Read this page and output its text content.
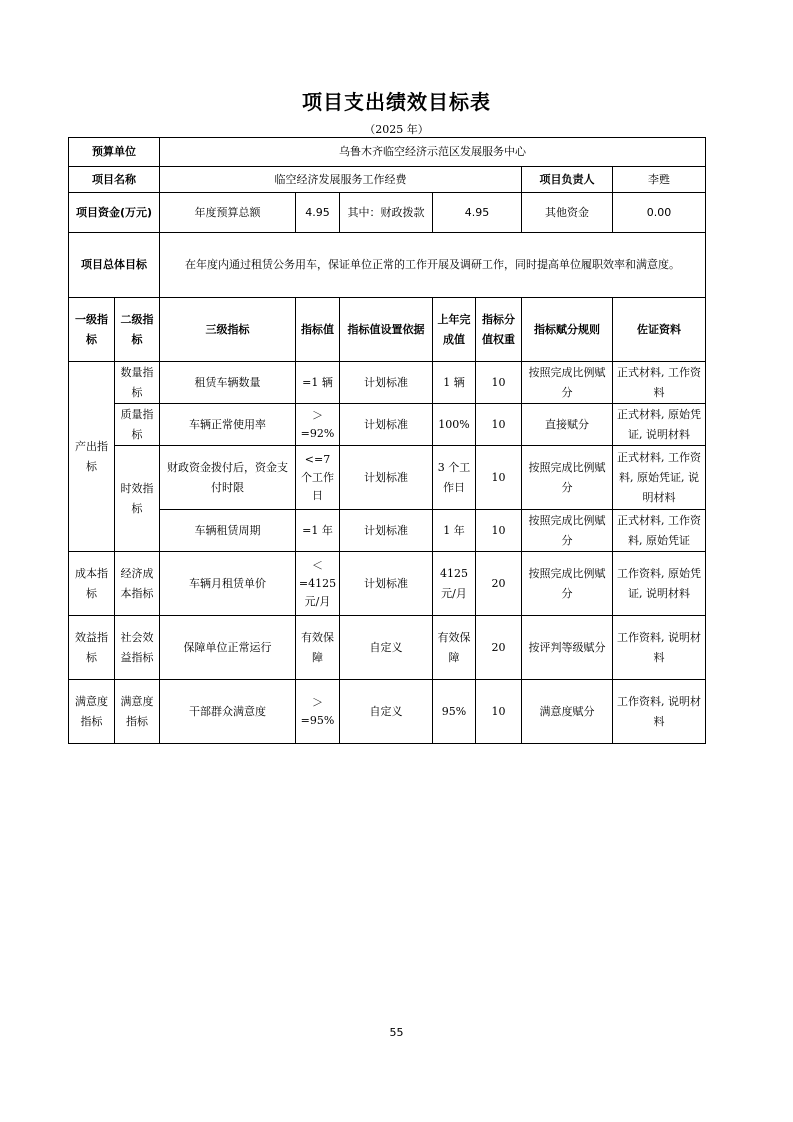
项目支出绩效目标表
（2025 年）
预算单位		乌鲁木齐临空经济示范区发展服务中心						
项目名称		临空经济发展服务工作经费					项目负责人	李甦
项目资金(万元)		年度预算总额	4.95	其中：财政拨款	4.95		其他资金	0.00
项目总体目标		在年度内通过租赁公务用车，保证单位正常的工作开展及调研工作，同时提高单位履职效率和满意度。						
一级指标	二级指标	三级指标	指标值	指标值设置依据	上年完成值	指标分值权重	指标赋分规则	佐证资料
产出指标	数量指标	租赁车辆数量	=1 辆	计划标准	1 辆	10	按照完成比例赋分	正式材料, 工作资料
	质量指标	车辆正常使用率	＞=92%	计划标准	100%	10	直接赋分	正式材料, 原始凭证, 说明材料
	时效指标	财政资金拨付后，资金支付时限	<=7 个工作日	计划标准	3 个工作日	10	按照完成比例赋分	正式材料, 工作资料, 原始凭证, 说明材料
		车辆租赁周期	=1 年	计划标准	1 年	10	按照完成比例赋分	正式材料, 工作资料, 原始凭证
成本指标	经济成本指标	车辆月租赁单价	＜=4125 元/月	计划标准	4125 元/月	20	按照完成比例赋分	工作资料, 原始凭证, 说明材料
效益指标	社会效益指标	保障单位正常运行	有效保障	自定义	有效保障	20	按评判等级赋分	工作资料, 说明材料
满意度指标	满意度指标	干部群众满意度	＞=95%	自定义	95%	10	满意度赋分	工作资料, 说明材料
55
